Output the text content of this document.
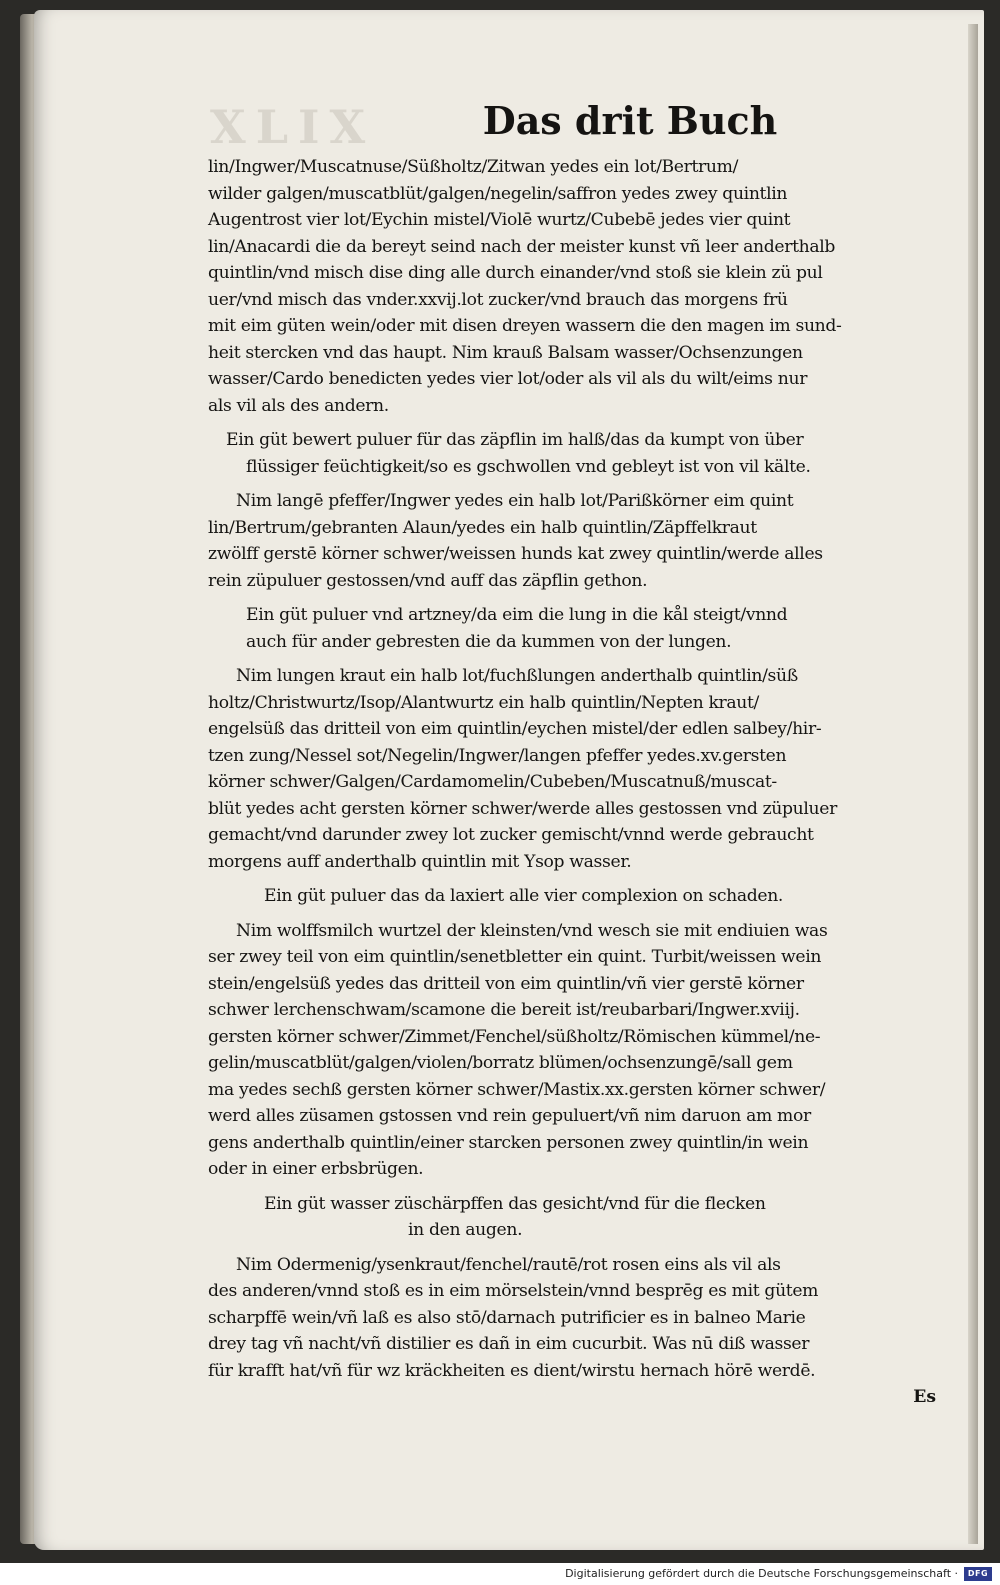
XLIX	Das drit Buch
lin/Ingwer/Muscatnuse/Süßholtz/Zitwan yedes ein lot/Bertrum/
wilder galgen/muscatblüt/galgen/negelin/saffron yedes zwey quintlin
Augentrost vier lot/Eychin mistel/Violē wurtz/Cubebē jedes vier quint
lin/Anacardi die da bereyt seind nach der meister kunst vñ leer anderthalb
quintlin/vnd misch dise ding alle durch einander/vnd stoß sie klein zü pul
uer/vnd misch das vnder.xxvij.lot zucker/vnd brauch das morgens frü
mit eim güten wein/oder mit disen dreyen wassern die den magen im sund-
heit stercken vnd das haupt. Nim krauß Balsam wasser/Ochsenzungen
wasser/Cardo benedicten yedes vier lot/oder als vil als du wilt/eims nur
als vil als des andern.
Ein güt bewert puluer für das zäpflin im halß/das da kumpt von über
flüssiger feüchtigkeit/so es gschwollen vnd gebleyt ist von vil kälte.
Nim langē pfeffer/Ingwer yedes ein halb lot/Parißkörner eim quint
lin/Bertrum/gebranten Alaun/yedes ein halb quintlin/Zäpffelkraut
zwölff gerstē körner schwer/weissen hunds kat zwey quintlin/werde alles
rein züpuluer gestossen/vnd auff das zäpflin gethon.
Ein güt puluer vnd artzney/da eim die lung in die kål steigt/vnnd
auch für ander gebresten die da kummen von der lungen.
Nim lungen kraut ein halb lot/fuchßlungen anderthalb quintlin/süß
holtz/Christwurtz/Isop/Alantwurtz ein halb quintlin/Nepten kraut/
engelsüß das dritteil von eim quintlin/eychen mistel/der edlen salbey/hir-
tzen zung/Nessel sot/Negelin/Ingwer/langen pfeffer yedes.xv.gersten
körner schwer/Galgen/Cardamomelin/Cubeben/Muscatnuß/muscat-
blüt yedes acht gersten körner schwer/werde alles gestossen vnd züpuluer
gemacht/vnd darunder zwey lot zucker gemischt/vnnd werde gebraucht
morgens auff anderthalb quintlin mit Ysop wasser.
Ein güt puluer das da laxiert alle vier complexion on schaden.
Nim wolffsmilch wurtzel der kleinsten/vnd wesch sie mit endiuien was
ser zwey teil von eim quintlin/senetbletter ein quint. Turbit/weissen wein
stein/engelsüß yedes das dritteil von eim quintlin/vñ vier gerstē körner
schwer lerchenschwam/scamone die bereit ist/reubarbari/Ingwer.xviij.
gersten körner schwer/Zimmet/Fenchel/süßholtz/Römischen kümmel/ne-
gelin/muscatblüt/galgen/violen/borratz blümen/ochsenzungē/sall gem
ma yedes sechß gersten körner schwer/Mastix.xx.gersten körner schwer/
werd alles züsamen gstossen vnd rein gepuluert/vñ nim daruon am mor
gens anderthalb quintlin/einer starcken personen zwey quintlin/in wein
oder in einer erbsbrügen.
Ein güt wasser züschärpffen das gesicht/vnd für die flecken
in den augen.
Nim Odermenig/ysenkraut/fenchel/rautē/rot rosen eins als vil als
des anderen/vnnd stoß es in eim mörselstein/vnnd besprēg es mit gütem
scharpffē wein/vñ laß es also stō/darnach putrificier es in balneo Marie
drey tag vñ nacht/vñ distilier es dañ in eim cucurbit. Was nū diß wasser
für krafft hat/vñ für wz kräckheiten es dient/wirstu hernach hörē werdē.
Es
Digitalisierung gefördert durch die Deutsche Forschungsgemeinschaft ·	DFG
